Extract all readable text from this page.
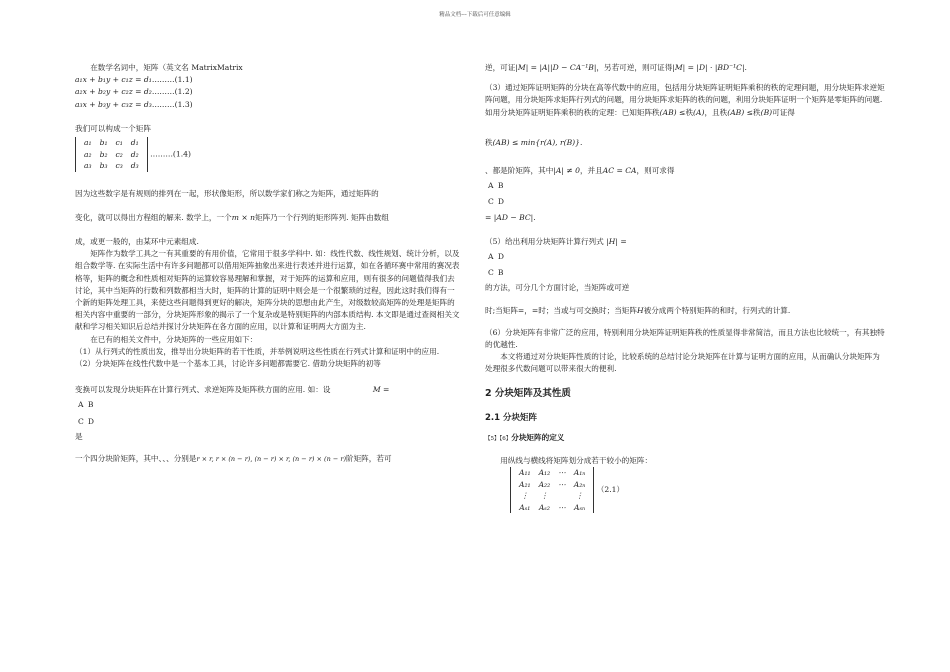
精品文档---下载后可任意编辑

在数学名词中，矩阵（英文名 MatrixMatrix

a₁x + b₁y + c₁z = d₁………(1.1)

a₂x + b₂y + c₂z = d₂………(1.2)

a₃x + b₃y + c₃z = d₃………(1.3)

我们可以构成一个矩阵

a₁	b₁	c₁	d₁
a₂	b₂	c₂	d₂
a₃	b₃	c₃	d₃
………(1.4)

因为这些数字是有规则的排列在一起，形状像矩形，所以数学家们称之为矩阵，通过矩阵的

变化，就可以得出方程组的解来. 数学上，一个m × n矩阵乃一个行列的矩形阵列. 矩阵由数组

成，或更一般的，由某环中元素组成.

矩阵作为数学工具之一有其重要的有用价值，它常用于很多学科中. 如：线性代数、线性规划、统计分析，以及组合数学等. 在实际生活中有许多问题都可以借用矩阵抽象出来进行表述并进行运算，如在各循环赛中常用的赛况表格等，矩阵的概念和性质相对矩阵的运算较容易理解和掌握，对于矩阵的运算和应用，则有很多的问题值得我们去讨论，其中当矩阵的行数和列数都相当大时，矩阵的计算的证明中则会是一个很繁琐的过程，因此这时我们得有一个新的矩阵处理工具，来使这些问题得到更好的解决，矩阵分块的思想由此产生，对级数较高矩阵的处理是矩阵的相关内容中重要的一部分，分块矩阵形象的揭示了一个复杂或是特别矩阵的内部本质结构. 本文即是通过查阅相关文献和学习相关知识后总结并探讨分块矩阵在各方面的应用，以计算和证明两大方面为主.

在已有的相关文件中，分块矩阵的一些应用如下：

（1）从行列式的性质出发，推导出分块矩阵的若干性质，并举例说明这些性质在行列式计算和证明中的应用.

（2）分块矩阵在线性代数中是一个基本工具，讨论许多问题都需要它. 借助分块矩阵的初等

变换可以发现分块矩阵在计算行列式、求逆矩阵及矩阵秩方面的应用. 如：设	M =

A	B
C	D
是

一个四分块阶矩阵，其中、、、分别是r × r, r × (n − r), (n − r) × r, (n − r) × (n − r)阶矩阵，若可

逆，可证|M| = |A||D − CA⁻¹B|，另若可逆，则可证得|M| = |D| · |BD⁻¹C|.

（3）通过矩阵证明矩阵的分块在高等代数中的应用，包括用分块矩阵证明矩阵乘积的秩的定理问题，用分块矩阵求逆矩阵问题，用分块矩阵求矩阵行列式的问题，用分块矩阵求矩阵的秩的问题，利用分块矩阵证明一个矩阵是零矩阵的问题.

如用分块矩阵证明矩阵乘积的秩的定理：已知矩阵秩(AB) ≤秩(A)，且秩(AB) ≤秩(B)可证得

秩(AB) ≤ min{r(A), r(B)}.

、都是阶矩阵，其中|A| ≠ 0，并且AC = CA，则可求得

A	B
C	D
= |AD − BC|.

（5）给出利用分块矩阵计算行列式 |H| =

A	D
C	B
的方法，可分几个方面讨论，当矩阵或可逆

时;当矩阵=，=时；当或与可交换时；当矩阵H被分成两个特别矩阵的和时，行列式的计算.

（6）分块矩阵有非常广泛的应用，特别利用分块矩阵证明矩阵秩的性质显得非常简洁，而且方法也比较统一，有其独特的优越性.

本文将通过对分块矩阵性质的讨论，比较系统的总结讨论分块矩阵在计算与证明方面的应用，从而确认分块矩阵为处理很多代数问题可以带来很大的便利.

2 分块矩阵及其性质

2.1 分块矩阵

【5】【6】分块矩阵的定义

用纵线与横线将矩阵划分成若干较小的矩阵：

A₁₁	A₁₂	⋯	A₁ₙ
A₂₁	A₂₂	⋯	A₂ₙ
⋮	⋮		⋮
Aₛ₁	Aₛ₂	⋯	Aₛₙ
（2.1）
